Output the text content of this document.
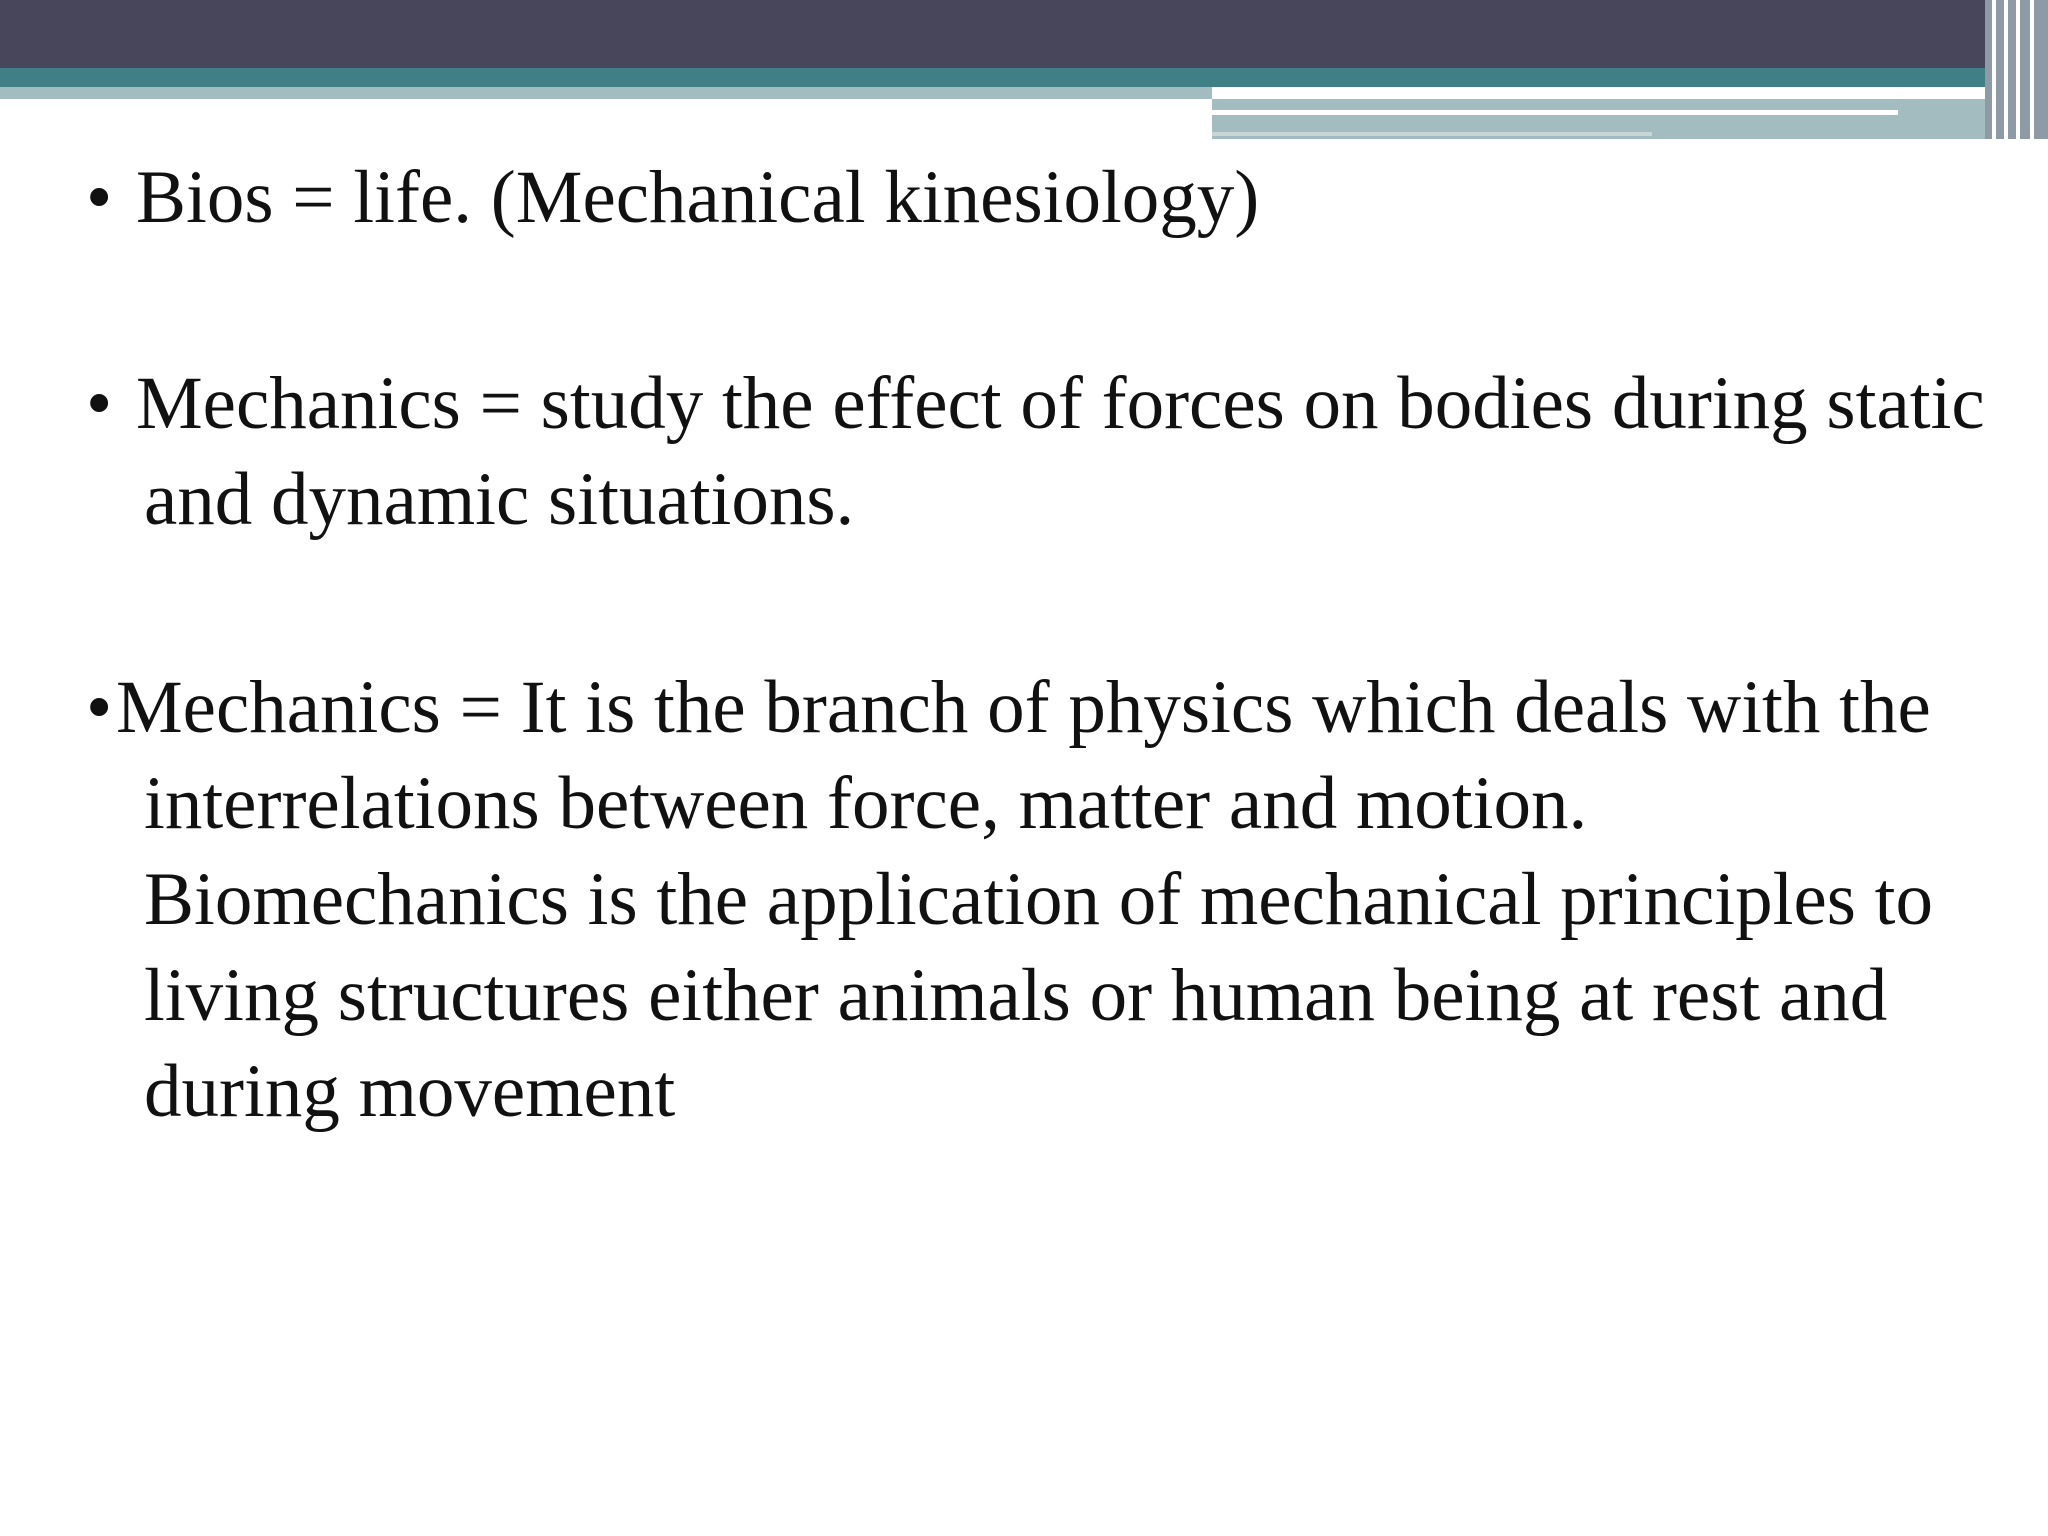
• Bios = life. (Mechanical kinesiology)

• Mechanics = study the effect of forces on bodies during static and dynamic situations.

•Mechanics = It is the branch of physics which deals with the interrelations between force, matter and motion. Biomechanics is the application of mechanical principles to living structures either animals or human being at rest and during movement
